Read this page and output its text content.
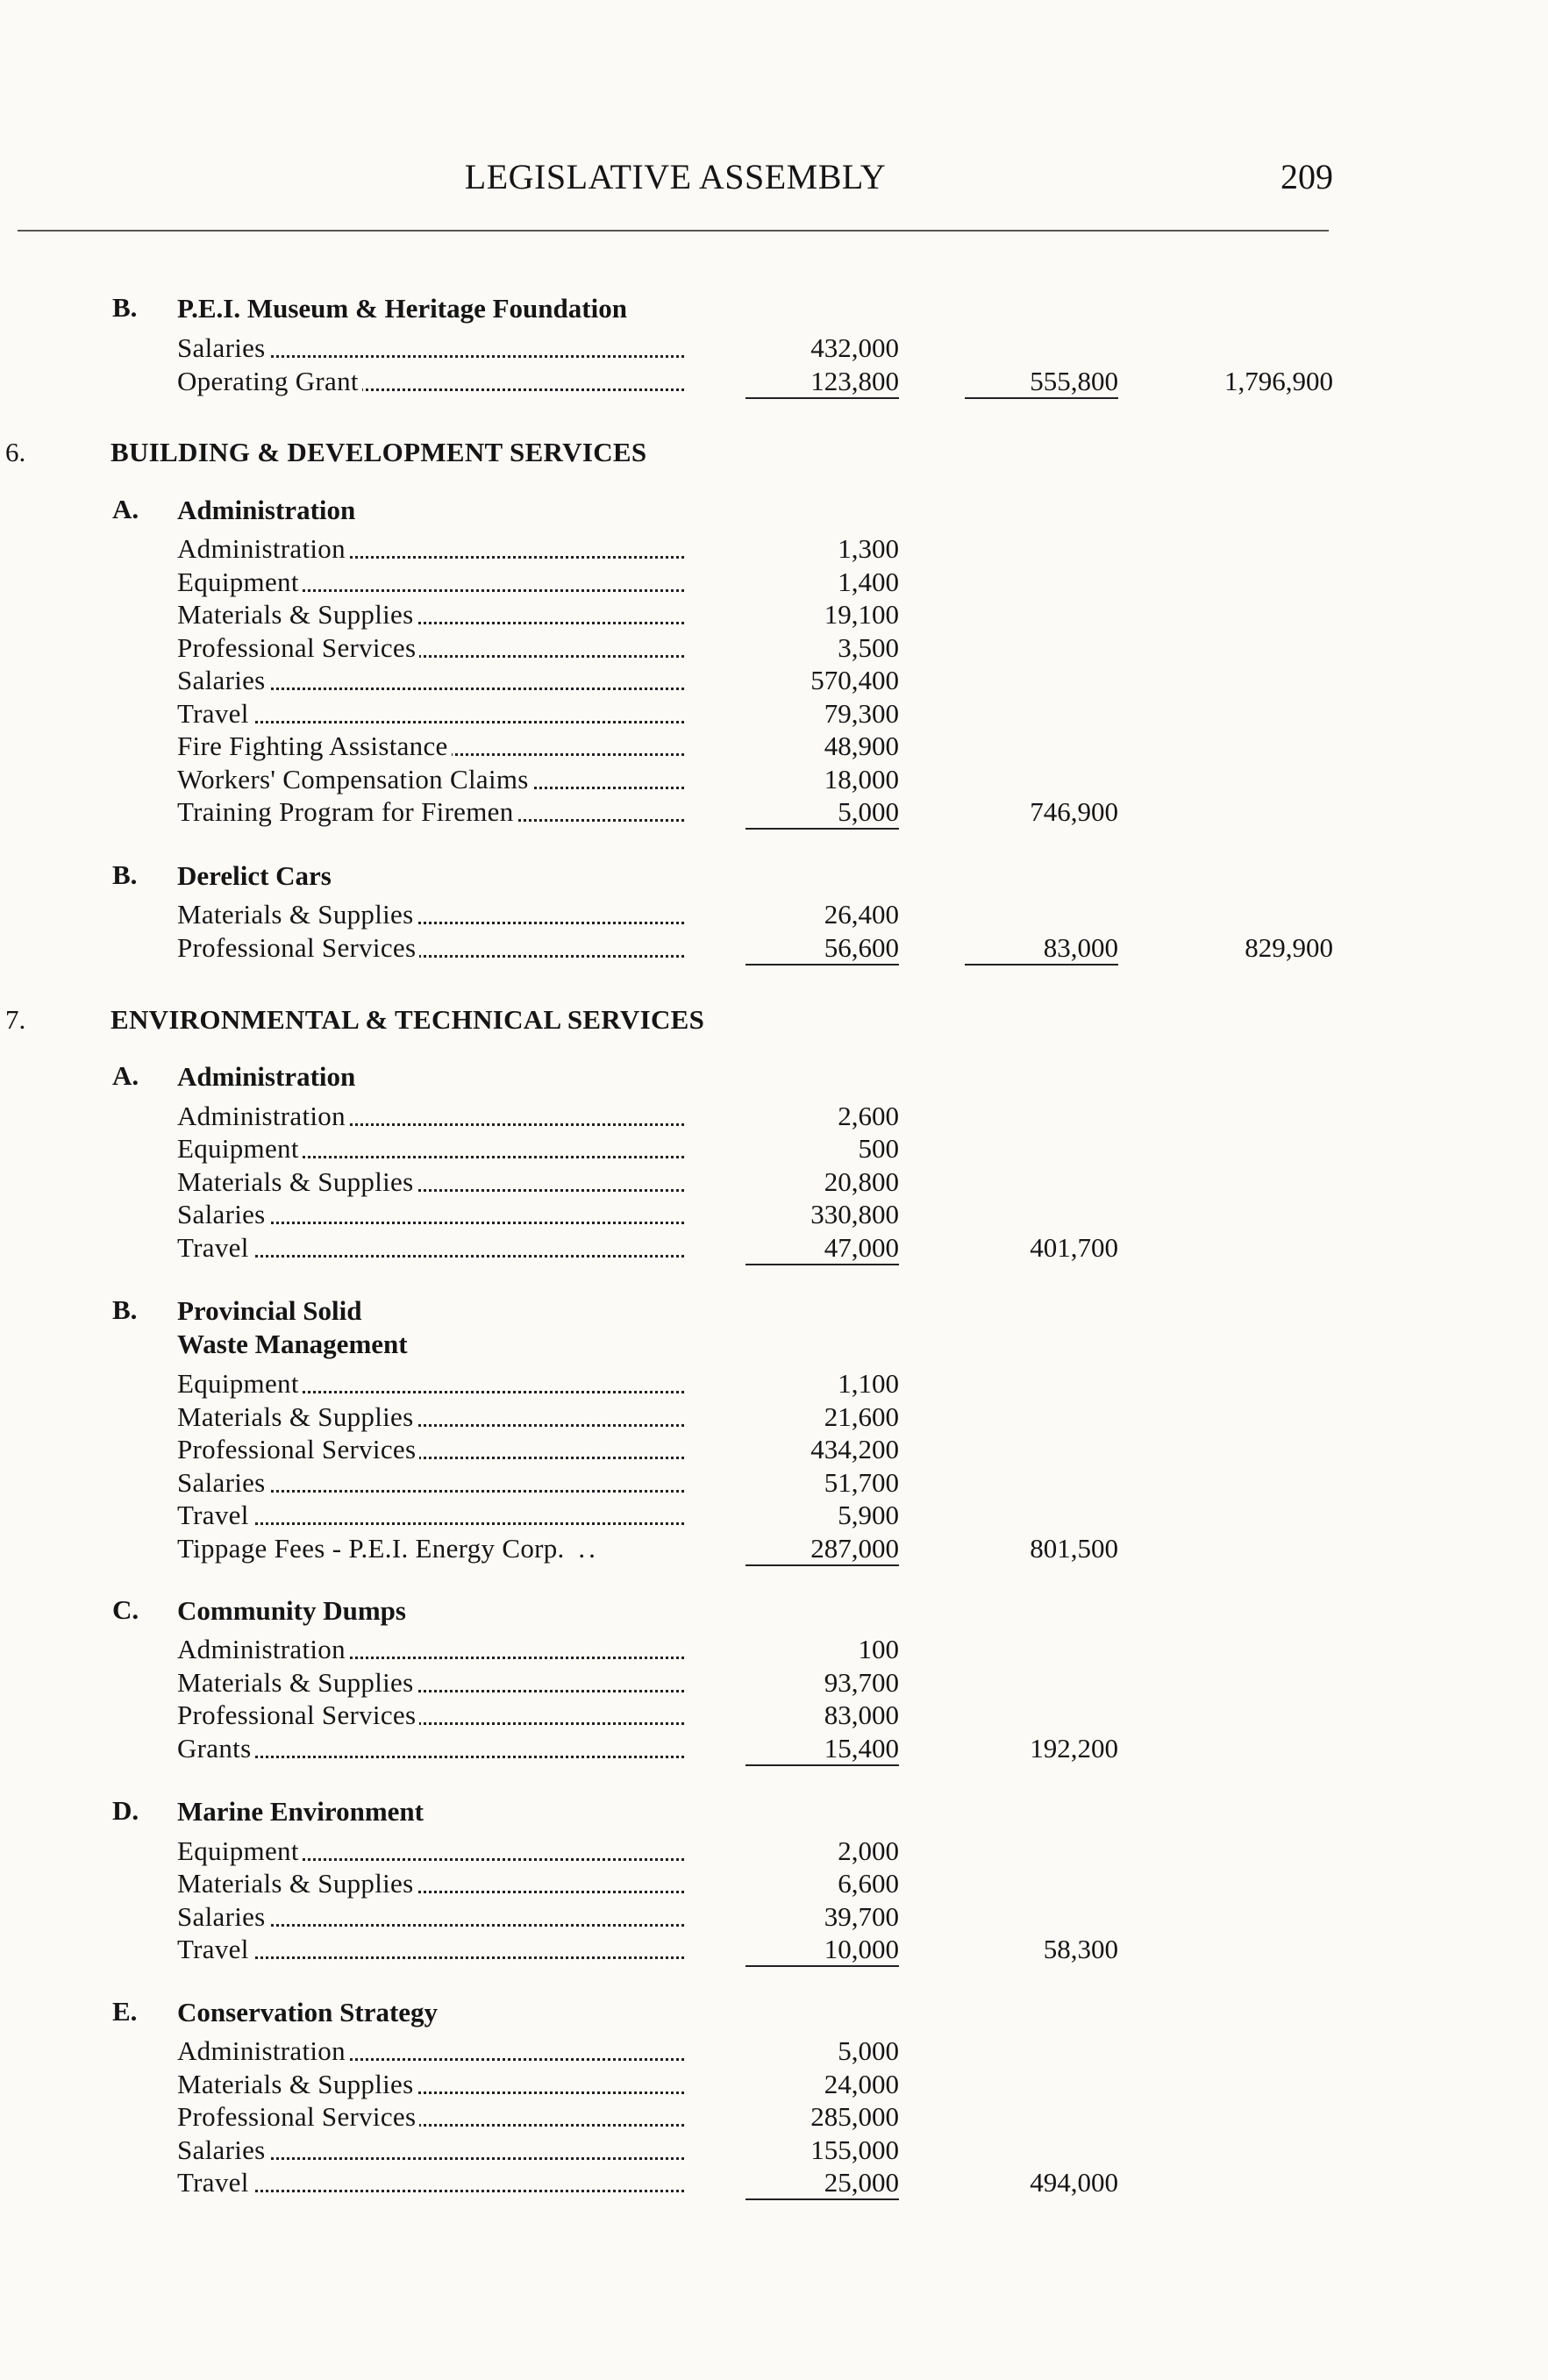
LEGISLATIVE ASSEMBLY	209
B. P.E.I. Museum & Heritage Foundation
Salaries	432,000
Operating Grant	123,800	555,800	1,796,900
6.	BUILDING & DEVELOPMENT SERVICES
A. Administration
Administration	1,300
Equipment	1,400
Materials & Supplies	19,100
Professional Services	3,500
Salaries	570,400
Travel	79,300
Fire Fighting Assistance	48,900
Workers' Compensation Claims	18,000
Training Program for Firemen	5,000	746,900
B. Derelict Cars
Materials & Supplies	26,400
Professional Services	56,600	83,000	829,900
7.	ENVIRONMENTAL & TECHNICAL SERVICES
A. Administration
Administration	2,600
Equipment	500
Materials & Supplies	20,800
Salaries	330,800
Travel	47,000	401,700
B. Provincial Solid
Waste Management
Equipment	1,100
Materials & Supplies	21,600
Professional Services	434,200
Salaries	51,700
Travel	5,900
Tippage Fees - P.E.I. Energy Corp. ..	287,000	801,500
C. Community Dumps
Administration	100
Materials & Supplies	93,700
Professional Services	83,000
Grants	15,400	192,200
D. Marine Environment
Equipment	2,000
Materials & Supplies	6,600
Salaries	39,700
Travel	10,000	58,300
E. Conservation Strategy
Administration	5,000
Materials & Supplies	24,000
Professional Services	285,000
Salaries	155,000
Travel	25,000	494,000
